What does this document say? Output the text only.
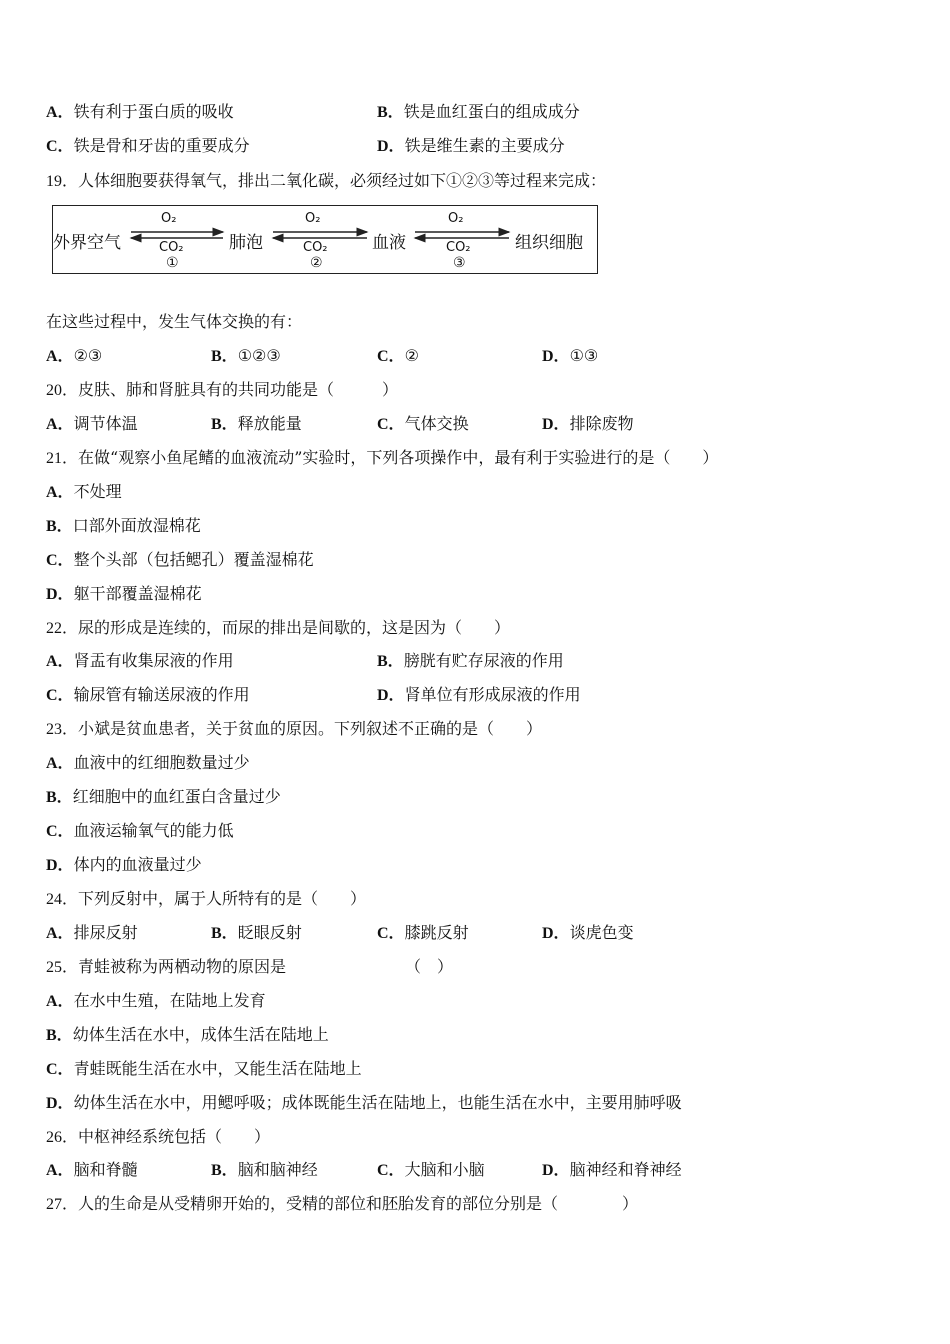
A．铁有利于蛋白质的吸收	B．铁是血红蛋白的组成成分
C．铁是骨和牙齿的重要成分	D．铁是维生素的主要成分
19．人体细胞要获得氧气，排出二氧化碳，必须经过如下①②③等过程来完成：
外界空气	肺泡	血液	组织细胞
O₂	O₂	O₂
CO₂	CO₂	CO₂
①	②	③
在这些过程中，发生气体交换的有：
A．②③	B．①②③	C．②	D．①③
20．皮肤、肺和肾脏具有的共同功能是（　　　）
A．调节体温	B．释放能量	C．气体交换	D．排除废物
21．在做“观察小鱼尾鳍的血液流动”实验时，下列各项操作中，最有利于实验进行的是（　　）
A．不处理
B．口部外面放湿棉花
C．整个头部（包括鳃孔）覆盖湿棉花
D．躯干部覆盖湿棉花
22．尿的形成是连续的，而尿的排出是间歇的，这是因为（　　）
A．肾盂有收集尿液的作用	B．膀胱有贮存尿液的作用
C．输尿管有输送尿液的作用	D．肾单位有形成尿液的作用
23．小斌是贫血患者，关于贫血的原因。下列叙述不正确的是（　　）
A．血液中的红细胞数量过少
B．红细胞中的血红蛋白含量过少
C．血液运输氧气的能力低
D．体内的血液量过少
24．下列反射中，属于人所特有的是（　　）
A．排尿反射	B．眨眼反射	C．膝跳反射	D．谈虎色变
25．青蛙被称为两栖动物的原因是	（　）
A．在水中生殖，在陆地上发育
B．幼体生活在水中，成体生活在陆地上
C．青蛙既能生活在水中，又能生活在陆地上
D．幼体生活在水中，用鳃呼吸；成体既能生活在陆地上，也能生活在水中，主要用肺呼吸
26．中枢神经系统包括（　　）
A．脑和脊髓	B．脑和脑神经	C．大脑和小脑	D．脑神经和脊神经
27．人的生命是从受精卵开始的，受精的部位和胚胎发育的部位分别是（　　　　）
